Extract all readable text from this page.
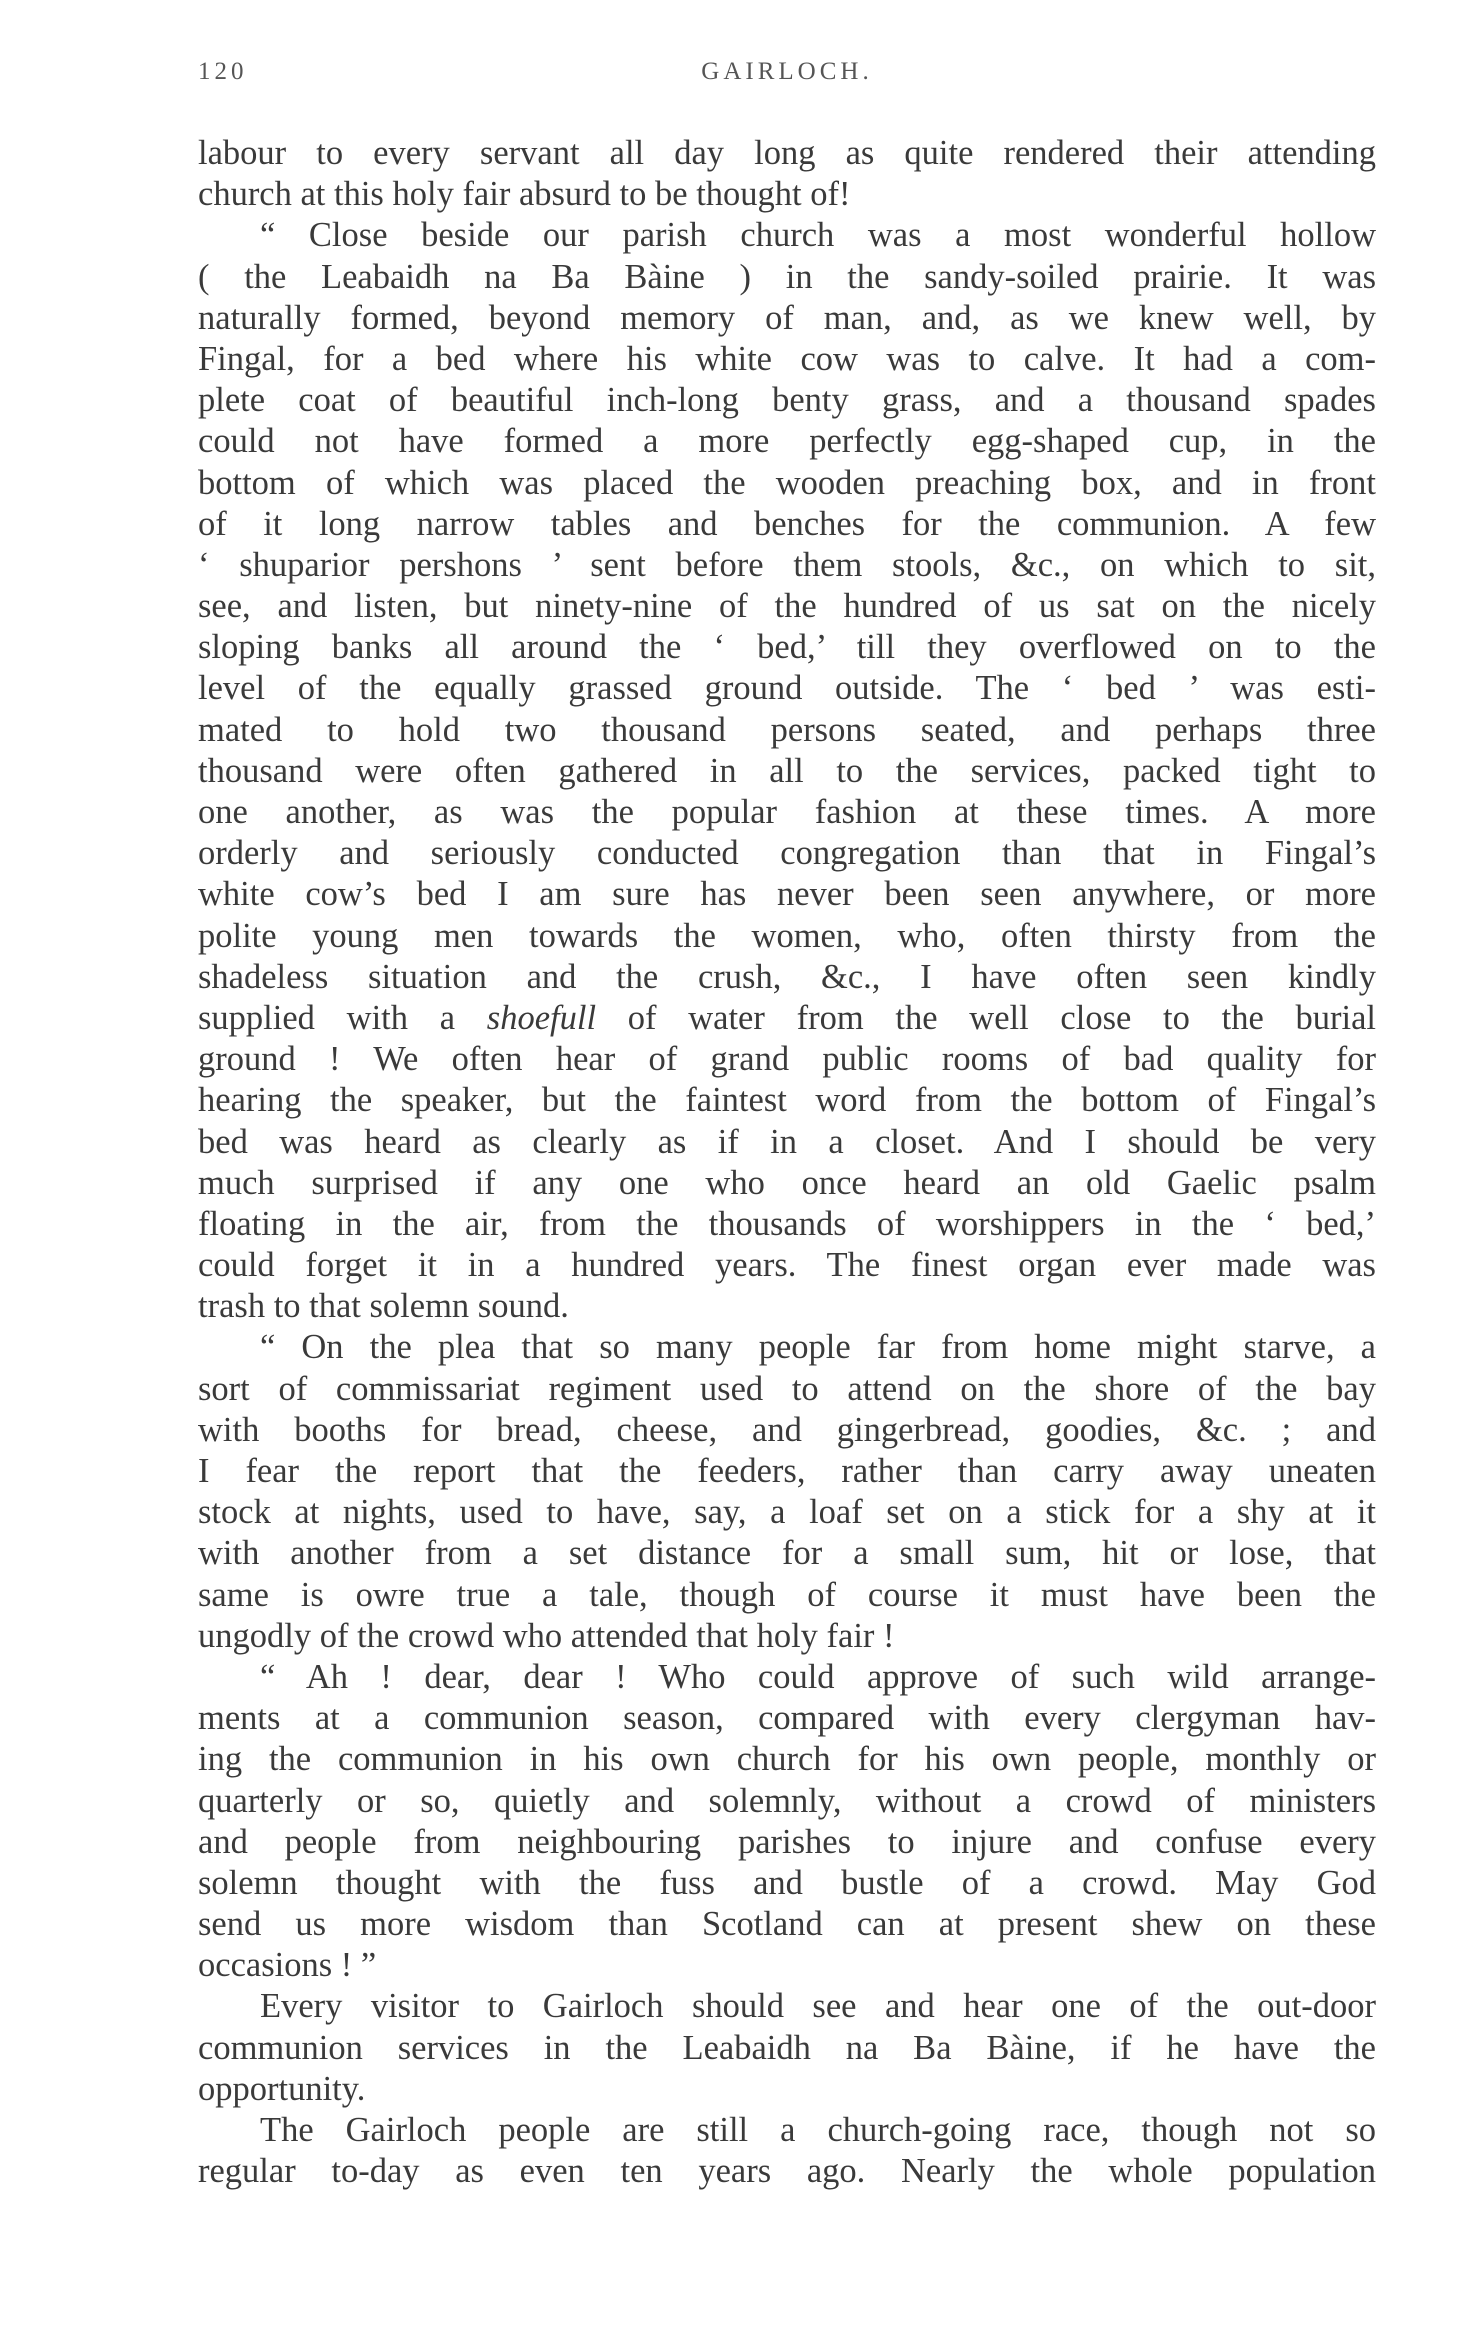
120	GAIRLOCH.
labour to every servant all day long as quite rendered their attending
church at this holy fair absurd to be thought of!
“ Close beside our parish church was a most wonderful hollow
( the Leabaidh na Ba Bàine ) in the sandy-soiled prairie. It was
naturally formed, beyond memory of man, and, as we knew well, by
Fingal, for a bed where his white cow was to calve. It had a com-
plete coat of beautiful inch-long benty grass, and a thousand spades
could not have formed a more perfectly egg-shaped cup, in the
bottom of which was placed the wooden preaching box, and in front
of it long narrow tables and benches for the communion. A few
‘ shuparior pershons ’ sent before them stools, &c., on which to sit,
see, and listen, but ninety-nine of the hundred of us sat on the nicely
sloping banks all around the ‘ bed,’ till they overflowed on to the
level of the equally grassed ground outside. The ‘ bed ’ was esti-
mated to hold two thousand persons seated, and perhaps three
thousand were often gathered in all to the services, packed tight to
one another, as was the popular fashion at these times. A more
orderly and seriously conducted congregation than that in Fingal’s
white cow’s bed I am sure has never been seen anywhere, or more
polite young men towards the women, who, often thirsty from the
shadeless situation and the crush, &c., I have often seen kindly
supplied with a shoefull of water from the well close to the burial
ground ! We often hear of grand public rooms of bad quality for
hearing the speaker, but the faintest word from the bottom of Fingal’s
bed was heard as clearly as if in a closet. And I should be very
much surprised if any one who once heard an old Gaelic psalm
floating in the air, from the thousands of worshippers in the ‘ bed,’
could forget it in a hundred years. The finest organ ever made was
trash to that solemn sound.
“ On the plea that so many people far from home might starve, a
sort of commissariat regiment used to attend on the shore of the bay
with booths for bread, cheese, and gingerbread, goodies, &c. ; and
I fear the report that the feeders, rather than carry away uneaten
stock at nights, used to have, say, a loaf set on a stick for a shy at it
with another from a set distance for a small sum, hit or lose, that
same is owre true a tale, though of course it must have been the
ungodly of the crowd who attended that holy fair !
“ Ah ! dear, dear ! Who could approve of such wild arrange-
ments at a communion season, compared with every clergyman hav-
ing the communion in his own church for his own people, monthly or
quarterly or so, quietly and solemnly, without a crowd of ministers
and people from neighbouring parishes to injure and confuse every
solemn thought with the fuss and bustle of a crowd. May God
send us more wisdom than Scotland can at present shew on these
occasions ! ”
Every visitor to Gairloch should see and hear one of the out-door
communion services in the Leabaidh na Ba Bàine, if he have the
opportunity.
The Gairloch people are still a church-going race, though not so
regular to-day as even ten years ago. Nearly the whole population
